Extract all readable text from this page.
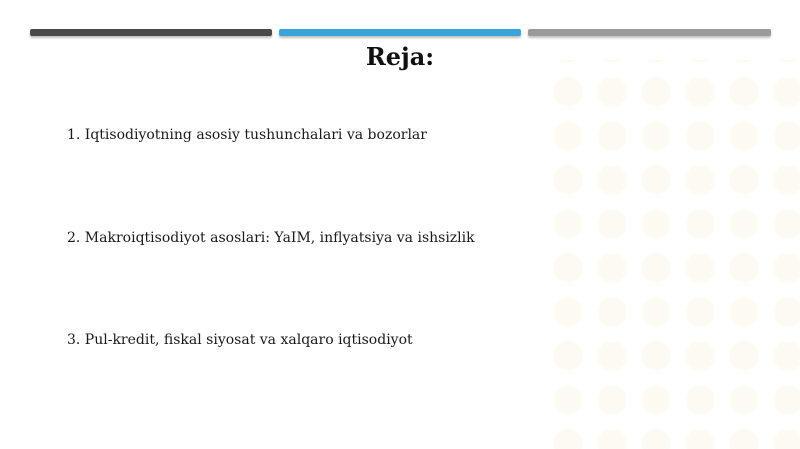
Reja:
1. Iqtisodiyotning asosiy tushunchalari va bozorlar
2. Makroiqtisodiyot asoslari: YaIM, inflyatsiya va ishsizlik
3. Pul-kredit, fiskal siyosat va xalqaro iqtisodiyot
